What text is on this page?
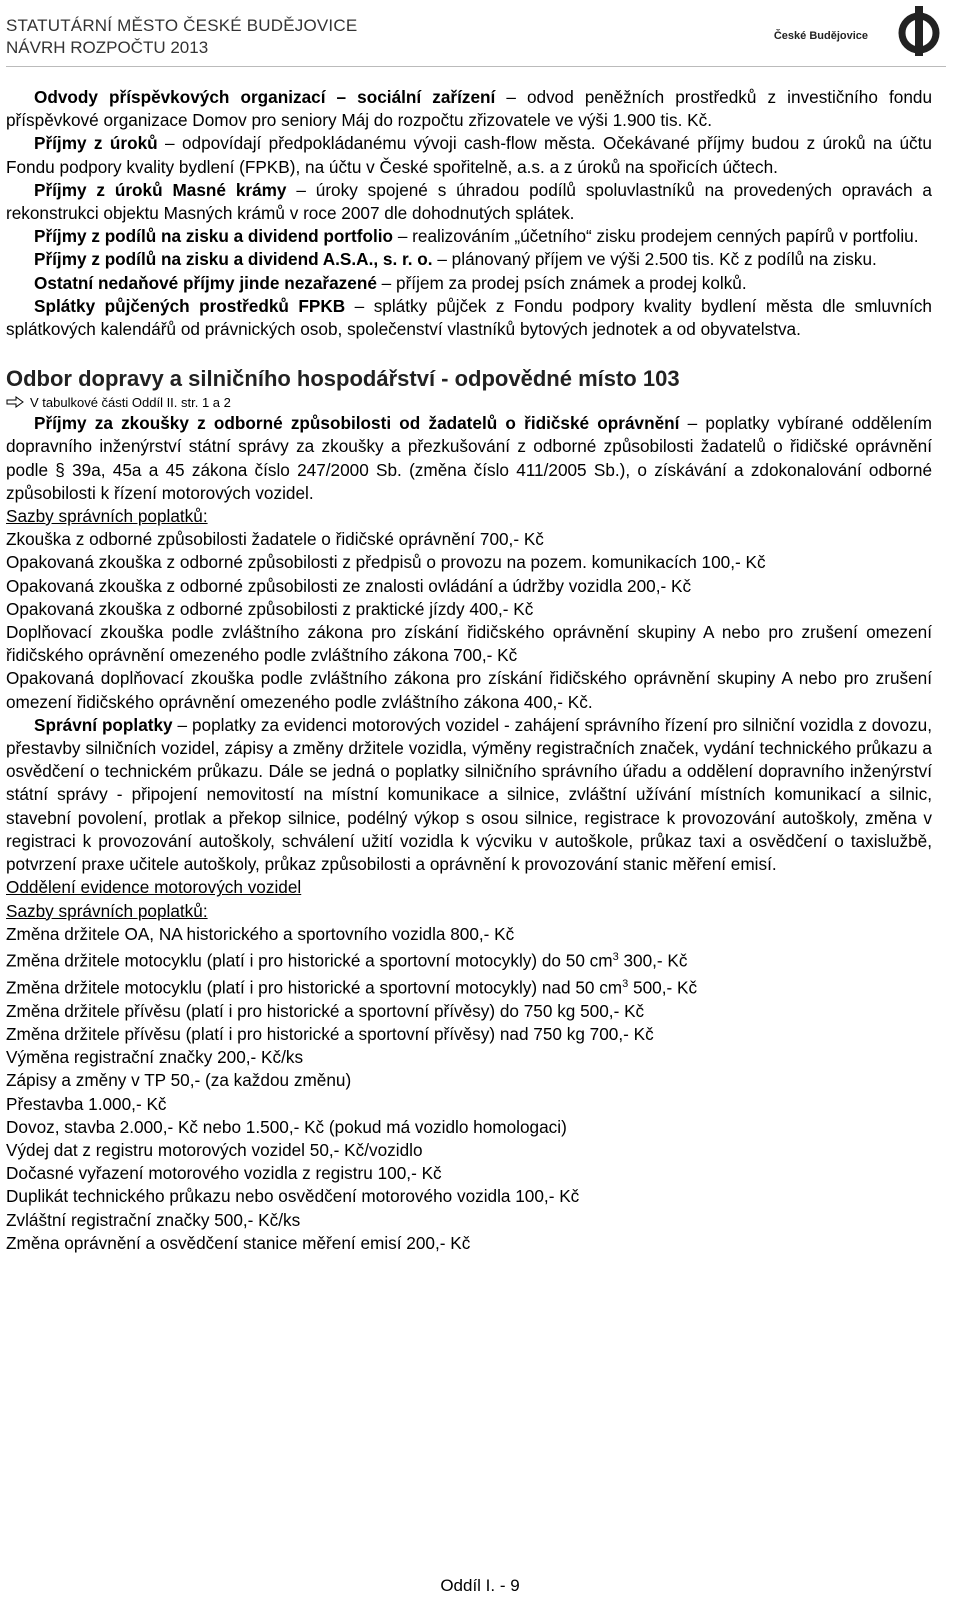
STATUTÁRNÍ MĚSTO ČESKÉ BUDĚJOVICE
NÁVRH ROZPOČTU 2013
České Budějovice

Odvody příspěvkových organizací – sociální zařízení – odvod peněžních prostředků z investičního fondu příspěvkové organizace Domov pro seniory Máj do rozpočtu zřizovatele ve výši 1.900 tis. Kč.

Příjmy z úroků – odpovídají předpokládanému vývoji cash-flow města. Očekávané příjmy budou z úroků na účtu Fondu podpory kvality bydlení (FPKB), na účtu v České spořitelně, a.s. a z úroků na spořicích účtech.

Příjmy z úroků Masné krámy – úroky spojené s úhradou podílů spoluvlastníků na provedených opravách a rekonstrukci objektu Masných krámů v roce 2007 dle dohodnutých splátek.

Příjmy z podílů na zisku a dividend portfolio – realizováním „účetního“ zisku prodejem cenných papírů v portfoliu.

Příjmy z podílů na zisku a dividend A.S.A., s. r. o. – plánovaný příjem ve výši 2.500 tis. Kč z podílů na zisku.

Ostatní nedaňové příjmy jinde nezařazené – příjem za prodej psích známek a prodej kolků.

Splátky půjčených prostředků FPKB – splátky půjček z Fondu podpory kvality bydlení města dle smluvních splátkových kalendářů od právnických osob, společenství vlastníků bytových jednotek a od obyvatelstva.

Odbor dopravy a silničního hospodářství - odpovědné místo 103

V tabulkové části Oddíl II. str. 1 a 2

Příjmy za zkoušky z odborné způsobilosti od žadatelů o řidičské oprávnění – poplatky vybírané oddělením dopravního inženýrství státní správy za zkoušky a přezkušování z odborné způsobilosti žadatelů o řidičské oprávnění podle § 39a, 45a a 45 zákona číslo 247/2000 Sb. (změna číslo 411/2005 Sb.), o získávání a zdokonalování odborné způsobilosti k řízení motorových vozidel.

Sazby správních poplatků:

Zkouška z odborné způsobilosti žadatele o řidičské oprávnění 700,- Kč

Opakovaná zkouška z odborné způsobilosti z předpisů o provozu na pozem. komunikacích 100,- Kč

Opakovaná zkouška z odborné způsobilosti ze znalosti ovládání a údržby vozidla 200,- Kč

Opakovaná zkouška z odborné způsobilosti z praktické jízdy 400,- Kč

Doplňovací zkouška podle zvláštního zákona pro získání řidičského oprávnění skupiny A nebo pro zrušení omezení řidičského oprávnění omezeného podle zvláštního zákona 700,- Kč

Opakovaná doplňovací zkouška podle zvláštního zákona pro získání řidičského oprávnění skupiny A nebo pro zrušení omezení řidičského oprávnění omezeného podle zvláštního zákona 400,- Kč.

Správní poplatky – poplatky za evidenci motorových vozidel - zahájení správního řízení pro silniční vozidla z dovozu, přestavby silničních vozidel, zápisy a změny držitele vozidla, výměny registračních značek, vydání technického průkazu a osvědčení o technickém průkazu. Dále se jedná o poplatky silničního správního úřadu a oddělení dopravního inženýrství státní správy - připojení nemovitostí na místní komunikace a silnice, zvláštní užívání místních komunikací a silnic, stavební povolení, protlak a překop silnice, podélný výkop s osou silnice, registrace k provozování autoškoly, změna v registraci k provozování autoškoly, schválení užití vozidla k výcviku v autoškole, průkaz taxi a osvědčení o taxislužbě, potvrzení praxe učitele autoškoly, průkaz způsobilosti a oprávnění k provozování stanic měření emisí.

Oddělení evidence motorových vozidel

Sazby správních poplatků:

Změna držitele OA, NA historického a sportovního vozidla 800,- Kč

Změna držitele motocyklu (platí i pro historické a sportovní motocykly) do 50 $cm^3$ 300,- Kč

Změna držitele motocyklu (platí i pro historické a sportovní motocykly) nad 50 $cm^3$ 500,- Kč

Změna držitele přívěsu (platí i pro historické a sportovní přívěsy) do 750 kg 500,- Kč

Změna držitele přívěsu (platí i pro historické a sportovní přívěsy) nad 750 kg 700,- Kč

Výměna registrační značky 200,- Kč/ks

Zápisy a změny v TP 50,- (za každou změnu)

Přestavba 1.000,- Kč

Dovoz, stavba 2.000,- Kč nebo 1.500,- Kč (pokud má vozidlo homologaci)

Výdej dat z registru motorových vozidel 50,- Kč/vozidlo

Dočasné vyřazení motorového vozidla z registru 100,- Kč

Duplikát technického průkazu nebo osvědčení motorového vozidla 100,- Kč

Zvláštní registrační značky 500,- Kč/ks

Změna oprávnění a osvědčení stanice měření emisí 200,- Kč

Oddíl I. - 9
